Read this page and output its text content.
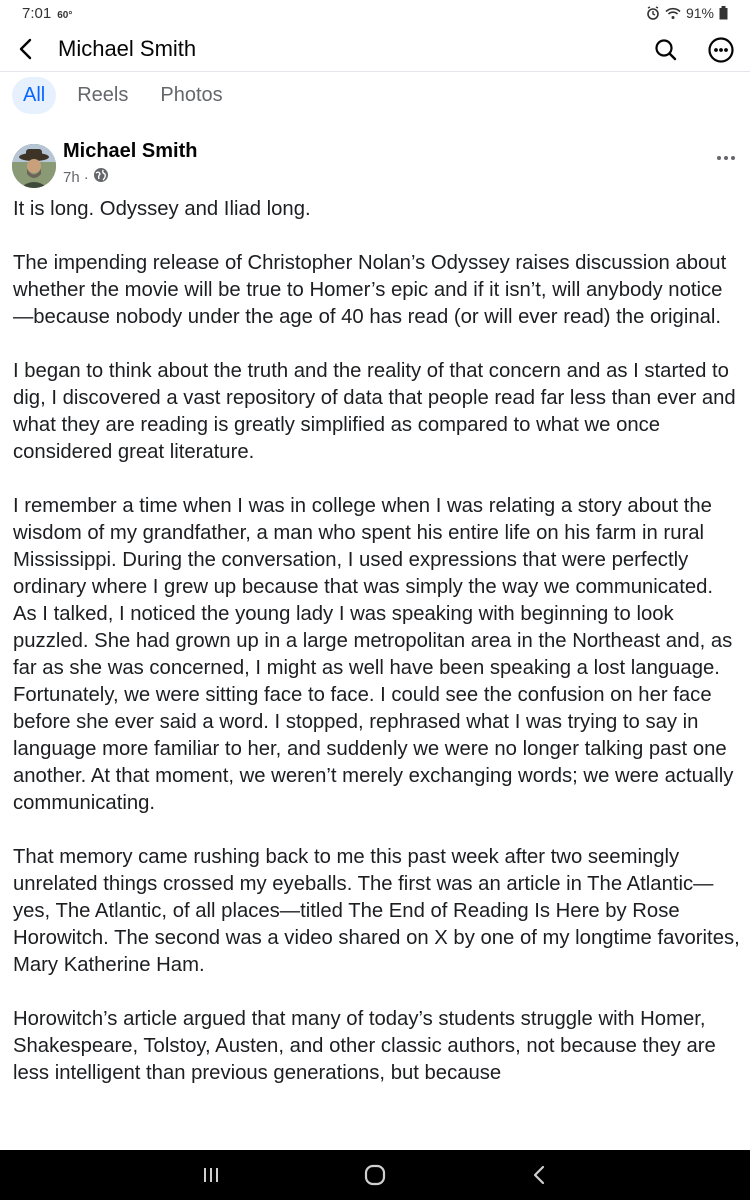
7:01 60°	91%
Michael Smith
All	Reels	Photos
Michael Smith
7h ·

It is long. Odyssey and Iliad long.

The impending release of Christopher Nolan’s Odyssey raises discussion about whether the movie will be true to Homer’s epic and if it isn’t, will anybody notice—because nobody under the age of 40 has read (or will ever read) the original.

I began to think about the truth and the reality of that concern and as I started to dig, I discovered a vast repository of data that people read far less than ever and what they are reading is greatly simplified as compared to what we once considered great literature.

I remember a time when I was in college when I was relating a story about the wisdom of my grandfather, a man who spent his entire life on his farm in rural Mississippi. During the conversation, I used expressions that were perfectly ordinary where I grew up because that was simply the way we communicated. As I talked, I noticed the young lady I was speaking with beginning to look puzzled. She had grown up in a large metropolitan area in the Northeast and, as far as she was concerned, I might as well have been speaking a lost language. Fortunately, we were sitting face to face. I could see the confusion on her face before she ever said a word. I stopped, rephrased what I was trying to say in language more familiar to her, and suddenly we were no longer talking past one another. At that moment, we weren’t merely exchanging words; we were actually communicating.

That memory came rushing back to me this past week after two seemingly unrelated things crossed my eyeballs. The first was an article in The Atlantic—yes, The Atlantic, of all places—titled The End of Reading Is Here by Rose Horowitch. The second was a video shared on X by one of my longtime favorites, Mary Katherine Ham.

Horowitch’s article argued that many of today’s students struggle with Homer, Shakespeare, Tolstoy, Austen, and other classic authors, not because they are less intelligent than previous generations, but because
